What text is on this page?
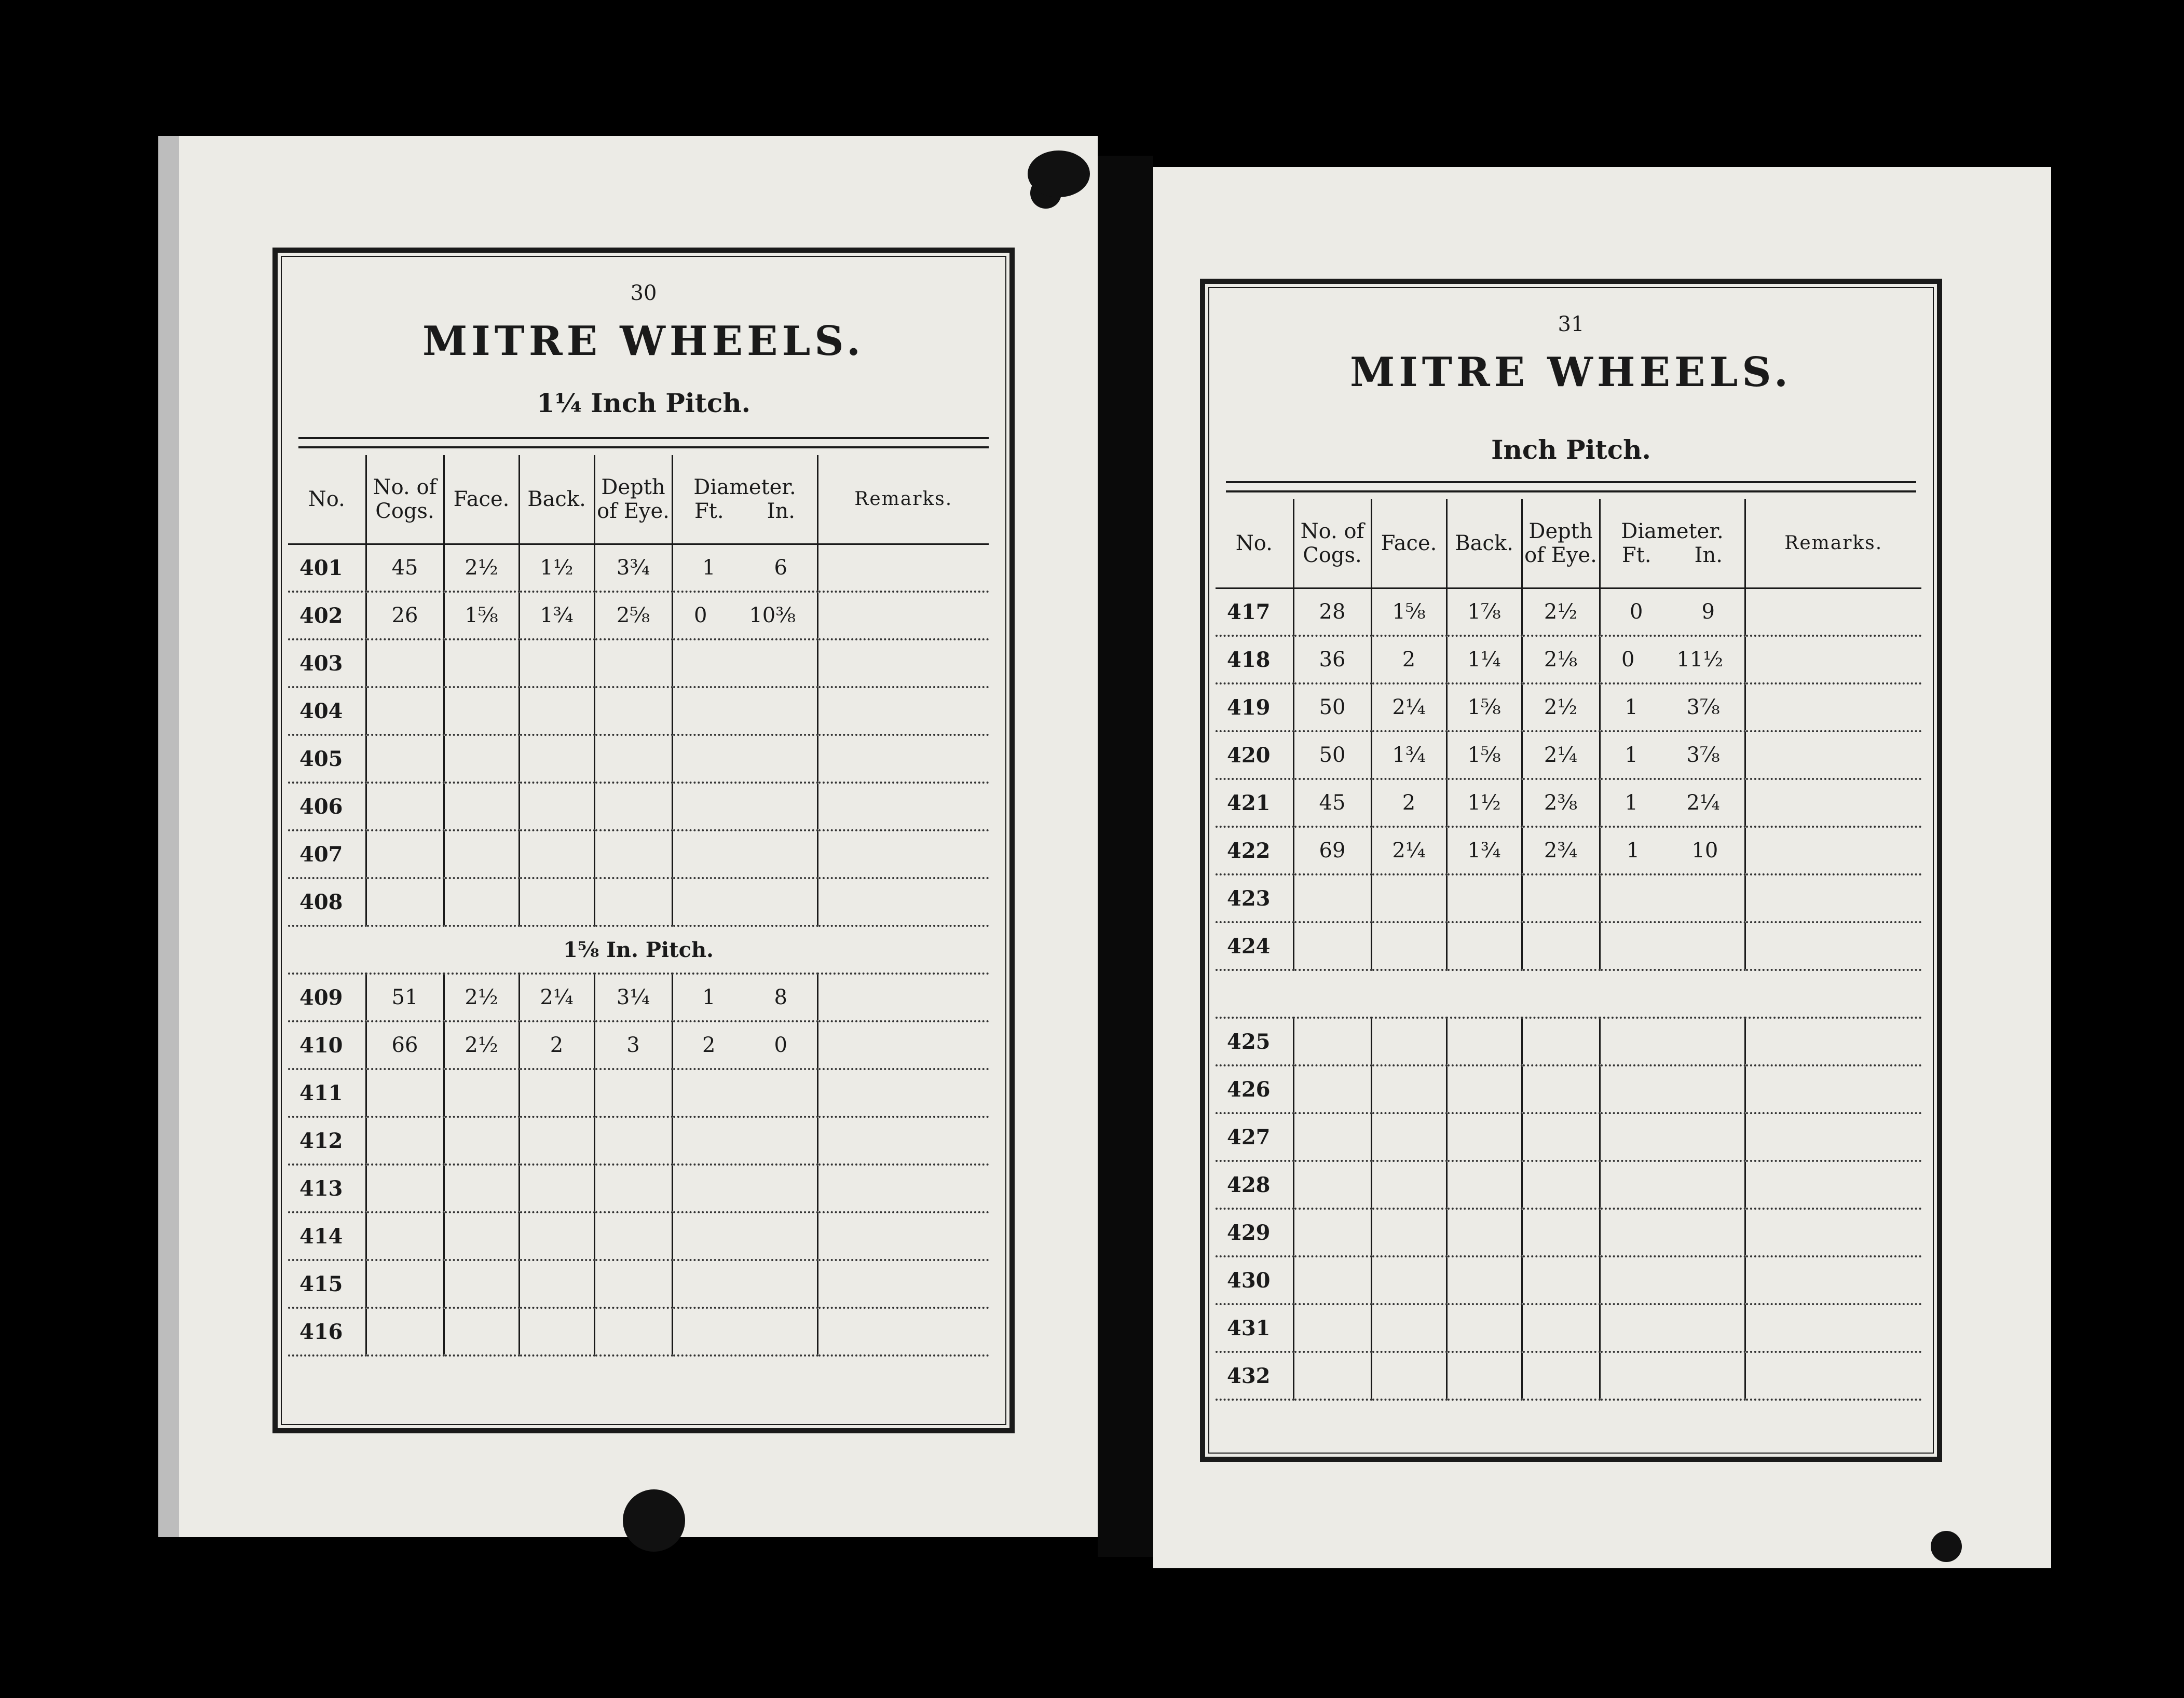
30
MITRE WHEELS.
1¼ Inch Pitch.
No.	No. of Cogs.	Face.	Back.	Depth of Eye.	Diameter.
Ft. In.	Remarks.
401	45	2½	1½	3¾	1 6	

402	26	1⅝	1¾	2⅝	0 10⅜	

403					

404					

405					

406					

407					

408					

1⅝ In. Pitch.						
409	51	2½	2¼	3¼	1 8	

410	66	2½	2	3	2 0	

411					

412					

413					

414					

415					

416					

31
MITRE WHEELS.
Inch Pitch.
No.	No. of Cogs.	Face.	Back.	Depth of Eye.	Diameter.
Ft. In.	Remarks.
417	28	1⅝	1⅞	2½	0 9	

418	36	2	1¼	2⅛	0 11½	

419	50	2¼	1⅝	2½	1 3⅞	

420	50	1¾	1⅝	2¼	1 3⅞	

421	45	2	1½	2⅜	1 2¼	

422	69	2¼	1¾	2¾	1 10	

423					

424					

425					

426					

427					

428					

429					

430					

431					

432					
